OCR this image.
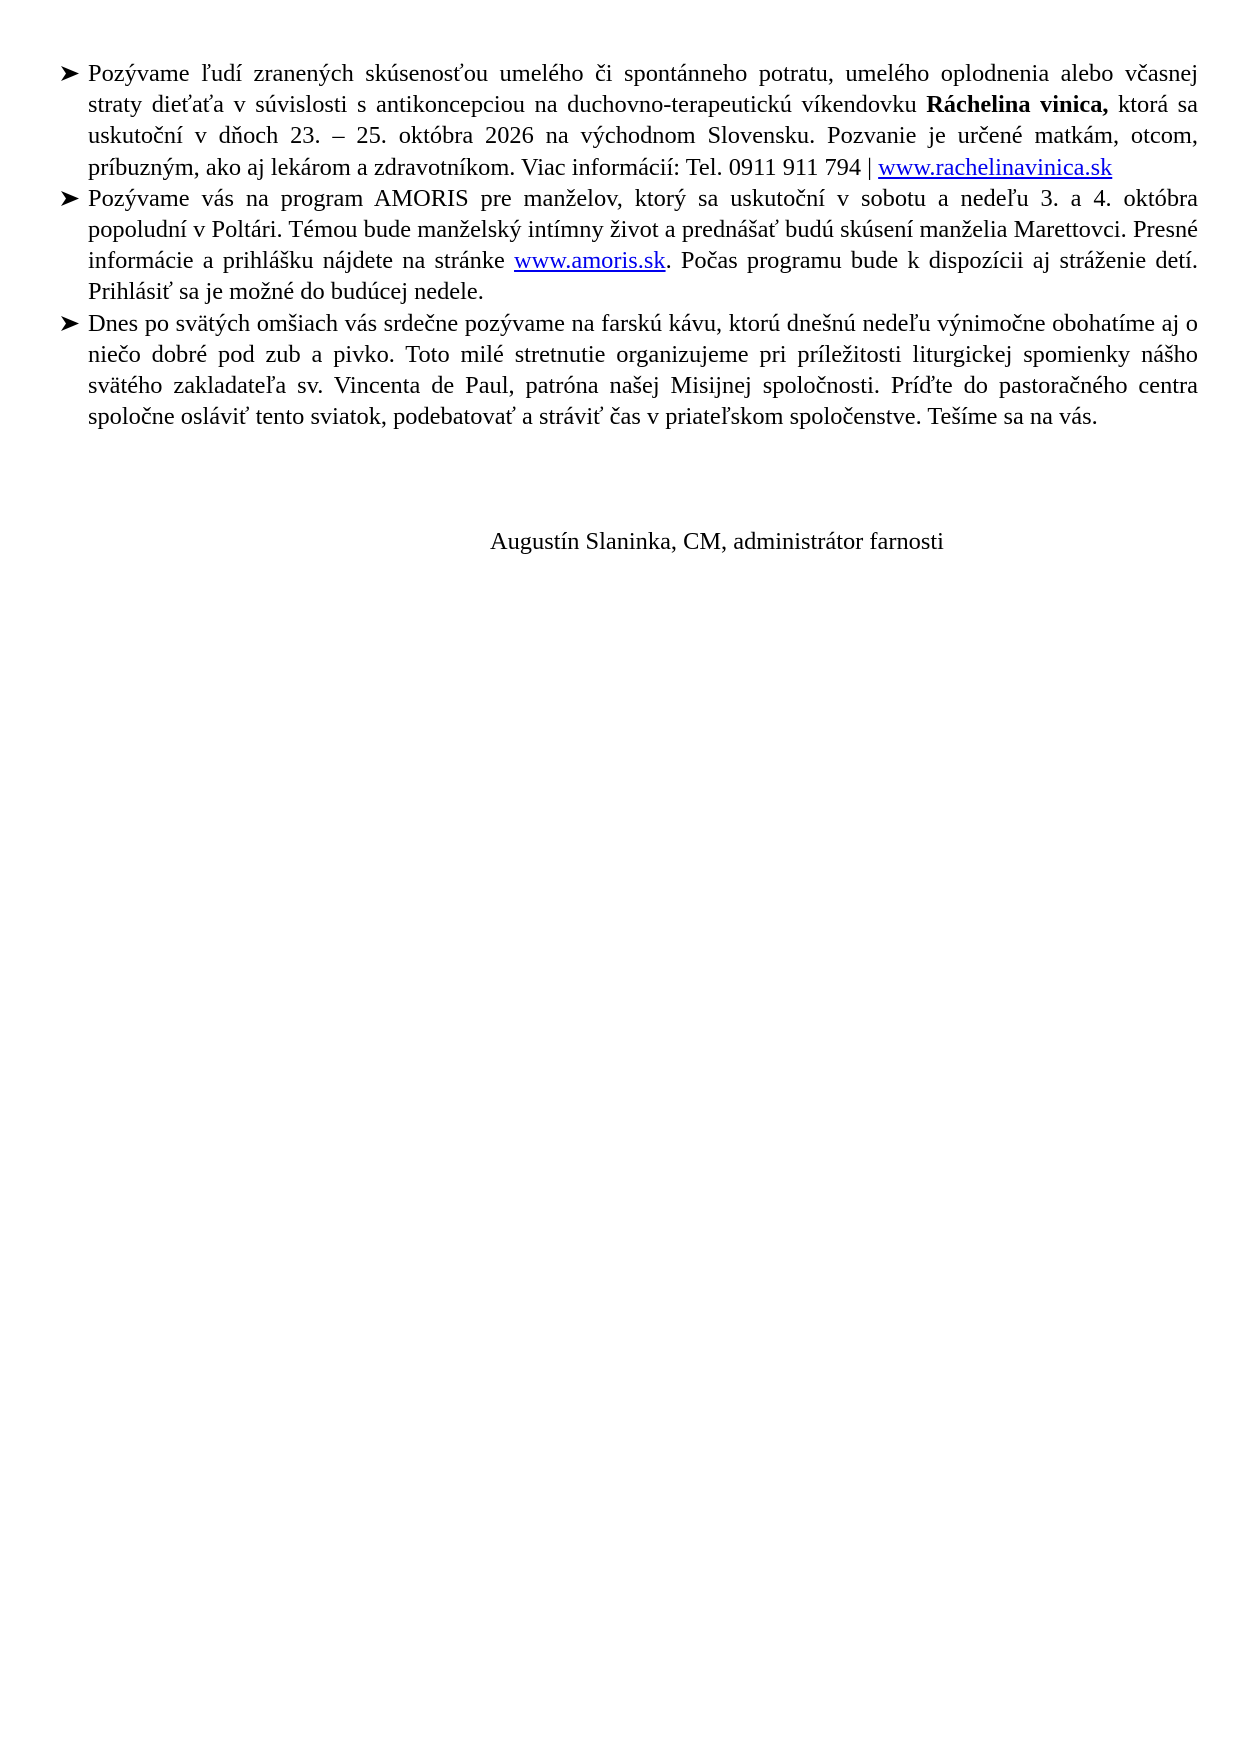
Pozývame ľudí zranených skúsenosťou umelého či spontánneho potratu, umelého oplodnenia alebo včasnej straty dieťaťa v súvislosti s antikoncepciou na duchovno-terapeutickú víkendovku Ráchelina vinica, ktorá sa uskutoční v dňoch 23. – 25. októbra 2026 na východnom Slovensku. Pozvanie je určené matkám, otcom, príbuzným, ako aj lekárom a zdravotníkom. Viac informácií: Tel. 0911 911 794 | www.rachelinavinica.sk
Pozývame vás na program AMORIS pre manželov, ktorý sa uskutoční v sobotu a nedeľu 3. a 4. októbra popoludní v Poltári. Témou bude manželský intímny život a prednášať budú skúsení manželia Marettovci. Presné informácie a prihlášku nájdete na stránke www.amoris.sk. Počas programu bude k dispozícii aj stráženie detí. Prihlásiť sa je možné do budúcej nedele.
Dnes po svätých omšiach vás srdečne pozývame na farskú kávu, ktorú dnešnú nedeľu výnimočne obohatíme aj o niečo dobré pod zub a pivko. Toto milé stretnutie organizujeme pri príležitosti liturgickej spomienky nášho svätého zakladateľa sv. Vincenta de Paul, patróna našej Misijnej spoločnosti. Príďte do pastoračného centra spoločne osláviť tento sviatok, podebatovať a stráviť čas v priateľskom spoločenstve. Tešíme sa na vás.
Augustín Slaninka, CM, administrátor farnosti
